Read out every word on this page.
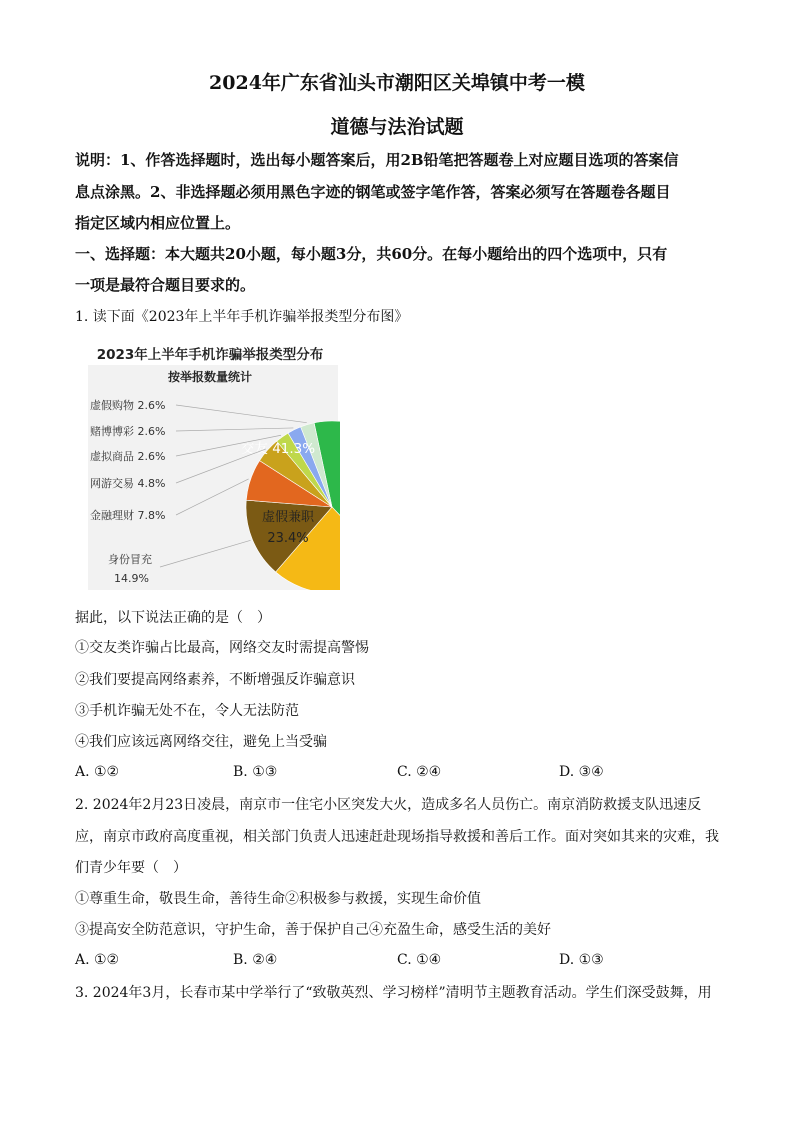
2024年广东省汕头市潮阳区关埠镇中考一模
道德与法治试题
说明：1、作答选择题时，选出每小题答案后，用2B铅笔把答题卷上对应题目选项的答案信
息点涂黑。2、非选择题必须用黑色字迹的钢笔或签字笔作答，答案必须写在答题卷各题目
指定区域内相应位置上。
一、选择题：本大题共20小题，每小题3分，共60分。在每小题给出的四个选项中，只有
一项是最符合题目要求的。
1. 读下面《2023年上半年手机诈骗举报类型分布图》
2023年上半年手机诈骗举报类型分布
按举报数量统计
交友 41.3%
虚假兼职
23.4%
虚假购物 2.6%
赌博博彩 2.6%
虚拟商品 2.6%
网游交易 4.8%
金融理财 7.8%
身份冒充
14.9%
据此，以下说法正确的是（　）
①交友类诈骗占比最高，网络交友时需提高警惕
②我们要提高网络素养，不断增强反诈骗意识
③手机诈骗无处不在，令人无法防范
④我们应该远离网络交往，避免上当受骗
A. ①②	B. ①③	C. ②④	D. ③④
2. 2024年2月23日凌晨，南京市一住宅小区突发大火，造成多名人员伤亡。南京消防救援支队迅速反
应，南京市政府高度重视，相关部门负责人迅速赶赴现场指导救援和善后工作。面对突如其来的灾难，我
们青少年要（　）
①尊重生命，敬畏生命，善待生命②积极参与救援，实现生命价值
③提高安全防范意识，守护生命，善于保护自己④充盈生命，感受生活的美好
A. ①②	B. ②④	C. ①④	D. ①③
3. 2024年3月，长春市某中学举行了“致敬英烈、学习榜样”清明节主题教育活动。学生们深受鼓舞，用
